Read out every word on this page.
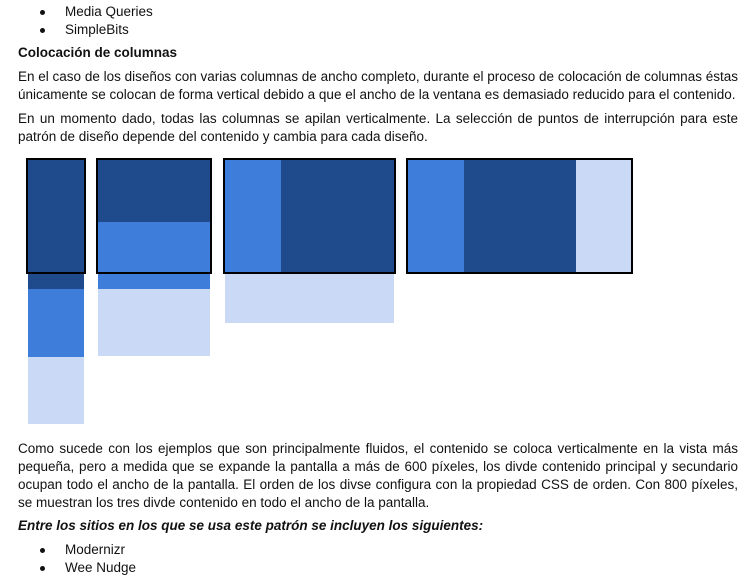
Media Queries
SimpleBits
Colocación de columnas
En el caso de los diseños con varias columnas de ancho completo, durante el proceso de colocación de columnas éstas únicamente se colocan de forma vertical debido a que el ancho de la ventana es demasiado reducido para el contenido.
En un momento dado, todas las columnas se apilan verticalmente. La selección de puntos de interrupción para este patrón de diseño depende del contenido y cambia para cada diseño.
Como sucede con los ejemplos que son principalmente fluidos, el contenido se coloca verticalmente en la vista más pequeña, pero a medida que se expande la pantalla a más de 600 píxeles, los divde contenido principal y secundario ocupan todo el ancho de la pantalla. El orden de los divse configura con la propiedad CSS de orden. Con 800 píxeles, se muestran los tres divde contenido en todo el ancho de la pantalla.
Entre los sitios en los que se usa este patrón se incluyen los siguientes:
Modernizr
Wee Nudge
